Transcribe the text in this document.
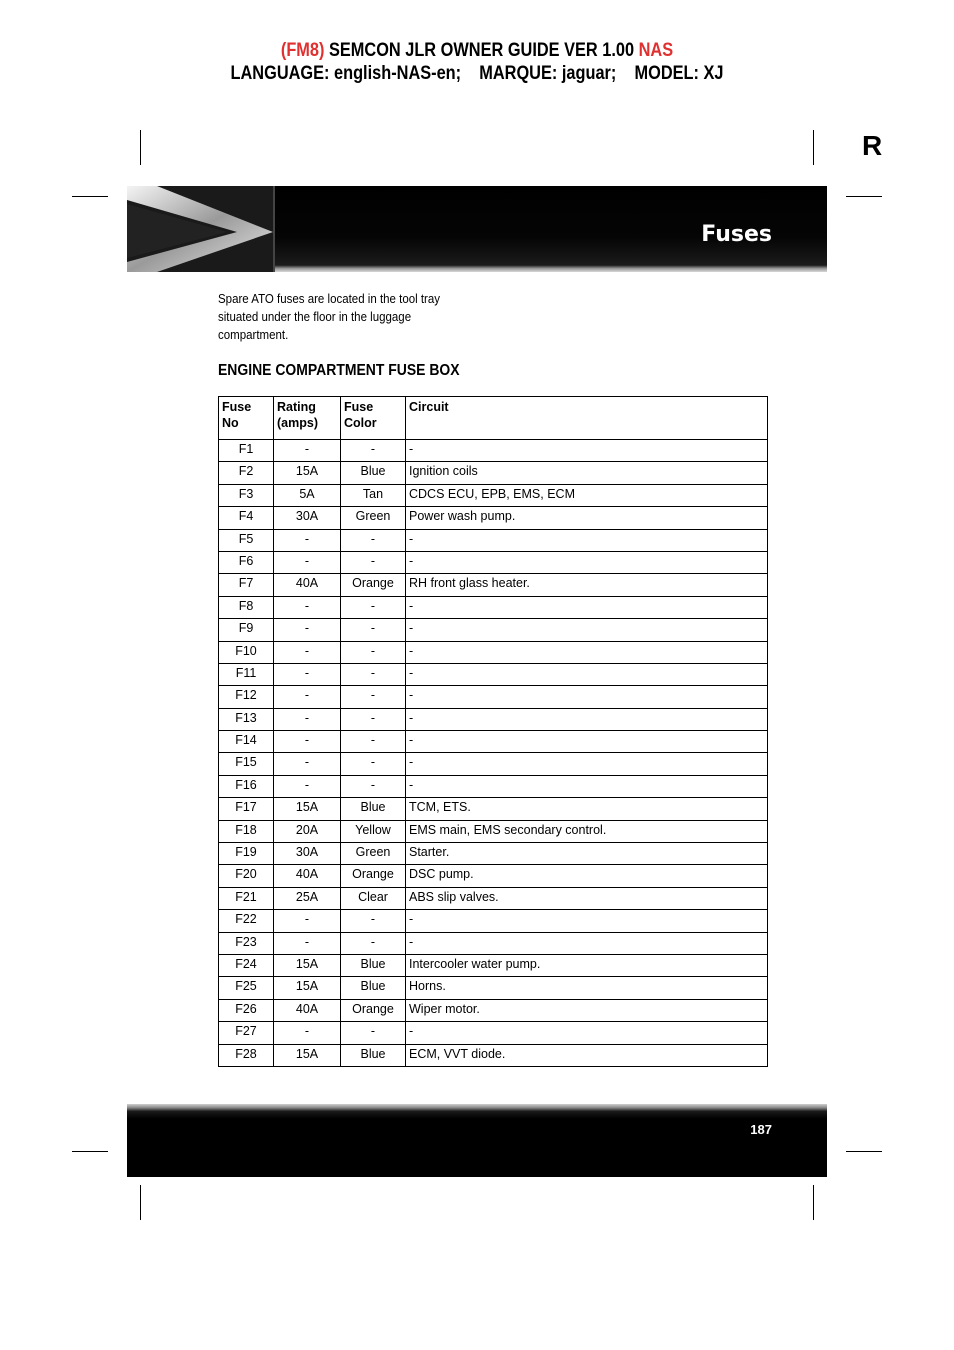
(FM8) SEMCON JLR OWNER GUIDE VER 1.00 NAS
LANGUAGE: english-NAS-en;    MARQUE: jaguar;    MODEL: XJ
R
Fuses
Spare ATO fuses are located in the tool tray situated under the floor in the luggage compartment.
ENGINE COMPARTMENT FUSE BOX
Fuse No	Rating (amps)	Fuse Color	Circuit
F1	-	-	-
F2	15A	Blue	Ignition coils
F3	5A	Tan	CDCS ECU, EPB, EMS, ECM
F4	30A	Green	Power wash pump.
F5	-	-	-
F6	-	-	-
F7	40A	Orange	RH front glass heater.
F8	-	-	-
F9	-	-	-
F10	-	-	-
F11	-	-	-
F12	-	-	-
F13	-	-	-
F14	-	-	-
F15	-	-	-
F16	-	-	-
F17	15A	Blue	TCM, ETS.
F18	20A	Yellow	EMS main, EMS secondary control.
F19	30A	Green	Starter.
F20	40A	Orange	DSC pump.
F21	25A	Clear	ABS slip valves.
F22	-	-	-
F23	-	-	-
F24	15A	Blue	Intercooler water pump.
F25	15A	Blue	Horns.
F26	40A	Orange	Wiper motor.
F27	-	-	-
F28	15A	Blue	ECM, VVT diode.
187
